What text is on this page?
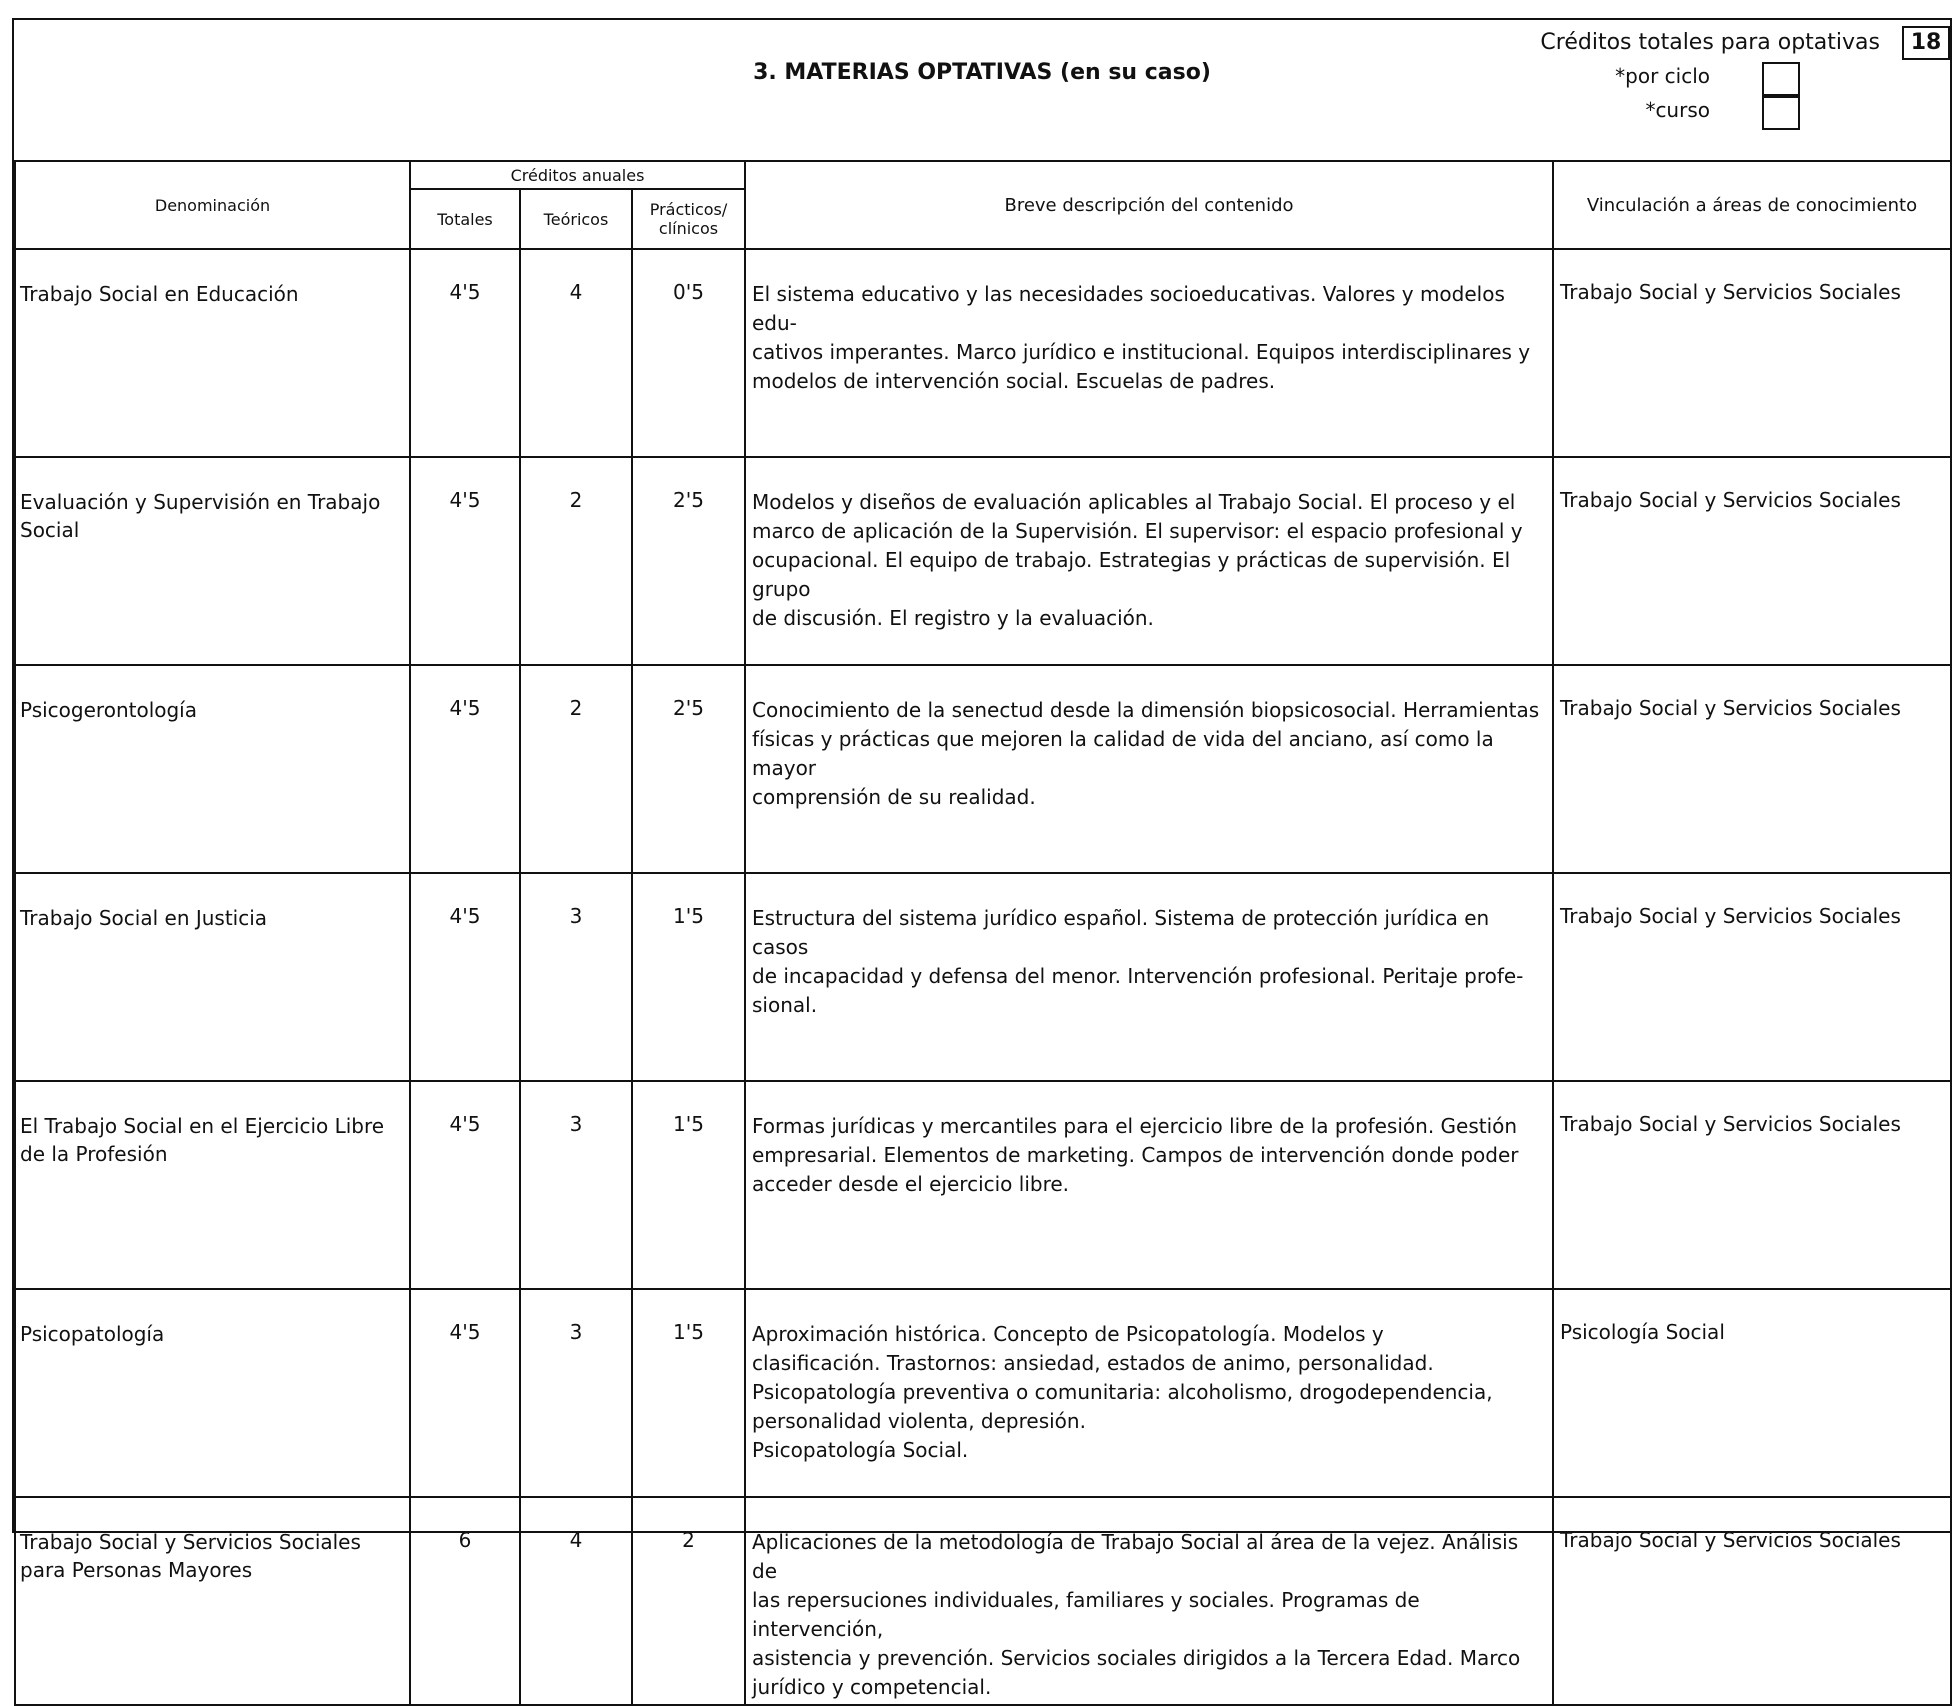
3. MATERIAS OPTATIVAS (en su caso)
Créditos totales para optativas	18
*por ciclo
*curso
Denominación	Créditos anuales			Breve descripción del contenido	Vinculación a áreas de conocimiento
	Totales	Teóricos	Prácticos/
clínicos		

Trabajo Social en Educación	4'5	4	0'5	El sistema educativo y las necesidades socioeducativas. Valores y modelos edu-
cativos imperantes. Marco jurídico e institucional. Equipos interdisciplinares y
modelos de intervención social. Escuelas de padres.	Trabajo Social y Servicios Sociales
Evaluación y Supervisión en Trabajo Social	4'5	2	2'5	Modelos y diseños de evaluación aplicables al Trabajo Social. El proceso y el
marco de aplicación de la Supervisión. El supervisor: el espacio profesional y
ocupacional. El equipo de trabajo. Estrategias y prácticas de supervisión. El grupo
de discusión. El registro y la evaluación.	Trabajo Social y Servicios Sociales
Psicogerontología	4'5	2	2'5	Conocimiento de la senectud desde la dimensión biopsicosocial. Herramientas
físicas y prácticas que mejoren la calidad de vida del anciano, así como la mayor
comprensión de su realidad.	Trabajo Social y Servicios Sociales
Trabajo Social en Justicia	4'5	3	1'5	Estructura del sistema jurídico español. Sistema de protección jurídica en casos
de incapacidad y defensa del menor. Intervención profesional. Peritaje profe-
sional.	Trabajo Social y Servicios Sociales
El Trabajo Social en el Ejercicio Libre de la Profesión	4'5	3	1'5	Formas jurídicas y mercantiles para el ejercicio libre de la profesión. Gestión
empresarial. Elementos de marketing. Campos de intervención donde poder
acceder desde el ejercicio libre.	Trabajo Social y Servicios Sociales
Psicopatología	4'5	3	1'5	Aproximación histórica. Concepto de Psicopatología. Modelos y
clasificación. Trastornos: ansiedad, estados de animo, personalidad.
Psicopatología preventiva o comunitaria: alcoholismo, drogodependencia,
personalidad violenta, depresión.
Psicopatología Social.	Psicología Social
Trabajo Social y Servicios Sociales para Personas Mayores	6	4	2	Aplicaciones de la metodología de Trabajo Social al área de la vejez. Análisis de
las repersuciones individuales, familiares y sociales. Programas de intervención,
asistencia y prevención. Servicios sociales dirigidos a la Tercera Edad. Marco
jurídico y competencial.	Trabajo Social y Servicios Sociales
